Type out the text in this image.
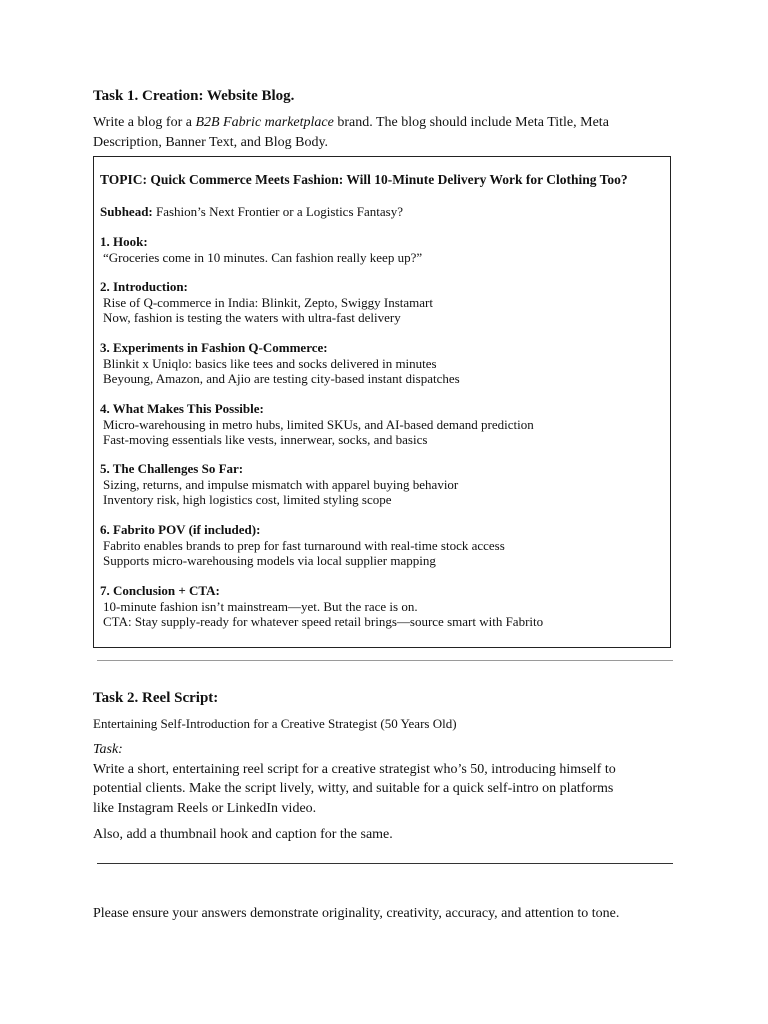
Task 1. Creation: Website Blog.
Write a blog for a B2B Fabric marketplace brand. The blog should include Meta Title, Meta
Description, Banner Text, and Blog Body.
TOPIC: Quick Commerce Meets Fashion: Will 10-Minute Delivery Work for Clothing Too?
Subhead: Fashion’s Next Frontier or a Logistics Fantasy?
1. Hook:
“Groceries come in 10 minutes. Can fashion really keep up?”
2. Introduction:
Rise of Q-commerce in India: Blinkit, Zepto, Swiggy Instamart
Now, fashion is testing the waters with ultra-fast delivery
3. Experiments in Fashion Q-Commerce:
Blinkit x Uniqlo: basics like tees and socks delivered in minutes
Beyoung, Amazon, and Ajio are testing city-based instant dispatches
4. What Makes This Possible:
Micro-warehousing in metro hubs, limited SKUs, and AI-based demand prediction
Fast-moving essentials like vests, innerwear, socks, and basics
5. The Challenges So Far:
Sizing, returns, and impulse mismatch with apparel buying behavior
Inventory risk, high logistics cost, limited styling scope
6. Fabrito POV (if included):
Fabrito enables brands to prep for fast turnaround with real-time stock access
Supports micro-warehousing models via local supplier mapping
7. Conclusion + CTA:
10-minute fashion isn’t mainstream—yet. But the race is on.
CTA: Stay supply-ready for whatever speed retail brings—source smart with Fabrito
Task 2. Reel Script:
Entertaining Self-Introduction for a Creative Strategist (50 Years Old)
Task:
Write a short, entertaining reel script for a creative strategist who’s 50, introducing himself to
potential clients. Make the script lively, witty, and suitable for a quick self-intro on platforms
like Instagram Reels or LinkedIn video.
Also, add a thumbnail hook and caption for the same.
Please ensure your answers demonstrate originality, creativity, accuracy, and attention to tone.
